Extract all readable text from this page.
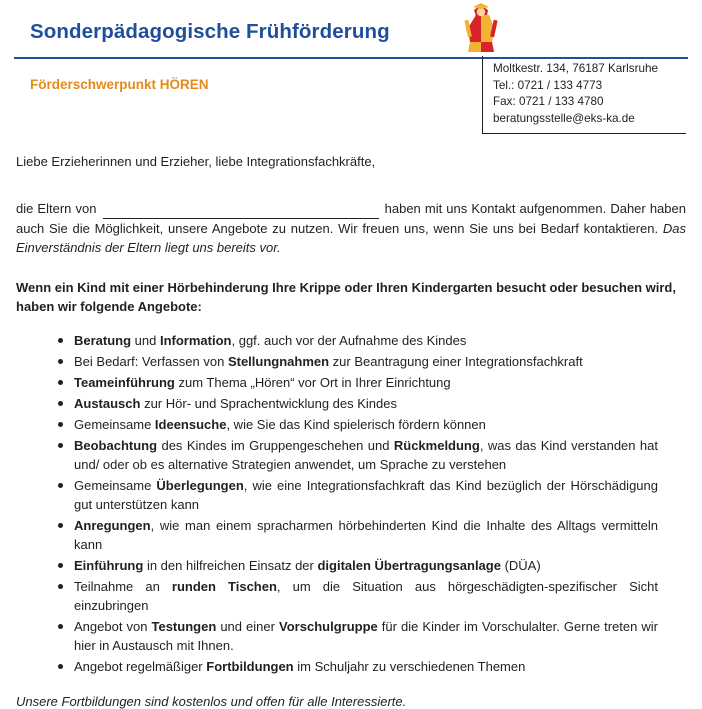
Sonderpädagogische Frühförderung
Förderschwerpunkt HÖREN
Moltkestr. 134, 76187 Karlsruhe
Tel.: 0721 / 133 4773
Fax: 0721 / 133 4780
beratungsstelle@eks-ka.de
Liebe Erzieherinnen und Erzieher, liebe Integrationsfachkräfte,
die Eltern von	haben mit uns Kontakt aufgenommen. Daher haben auch Sie die Möglichkeit, unsere Angebote zu nutzen. Wir freuen uns, wenn Sie uns bei Bedarf kontaktieren. Das Einverständnis der Eltern liegt uns bereits vor.
Wenn ein Kind mit einer Hörbehinderung Ihre Krippe oder Ihren Kindergarten besucht oder besuchen wird, haben wir folgende Angebote:
Beratung und Information, ggf. auch vor der Aufnahme des Kindes
Bei Bedarf: Verfassen von Stellungnahmen zur Beantragung einer Integrationsfachkraft
Teameinführung zum Thema „Hören“ vor Ort in Ihrer Einrichtung
Austausch zur Hör- und Sprachentwicklung des Kindes
Gemeinsame Ideensuche, wie Sie das Kind spielerisch fördern können
Beobachtung des Kindes im Gruppengeschehen und Rückmeldung, was das Kind verstanden hat und/ oder ob es alternative Strategien anwendet, um Sprache zu verstehen
Gemeinsame Überlegungen, wie eine Integrationsfachkraft das Kind bezüglich der Hörschädigung gut unterstützen kann
Anregungen, wie man einem spracharmen hörbehinderten Kind die Inhalte des Alltags vermitteln kann
Einführung in den hilfreichen Einsatz der digitalen Übertragungsanlage (DÜA)
Teilnahme an runden Tischen, um die Situation aus hörgeschädigten-spezifischer Sicht einzubringen
Angebot von Testungen und einer Vorschulgruppe für die Kinder im Vorschulalter. Gerne treten wir hier in Austausch mit Ihnen.
Angebot regelmäßiger Fortbildungen im Schuljahr zu verschiedenen Themen
Unsere Fortbildungen sind kostenlos und offen für alle Interessierte.
